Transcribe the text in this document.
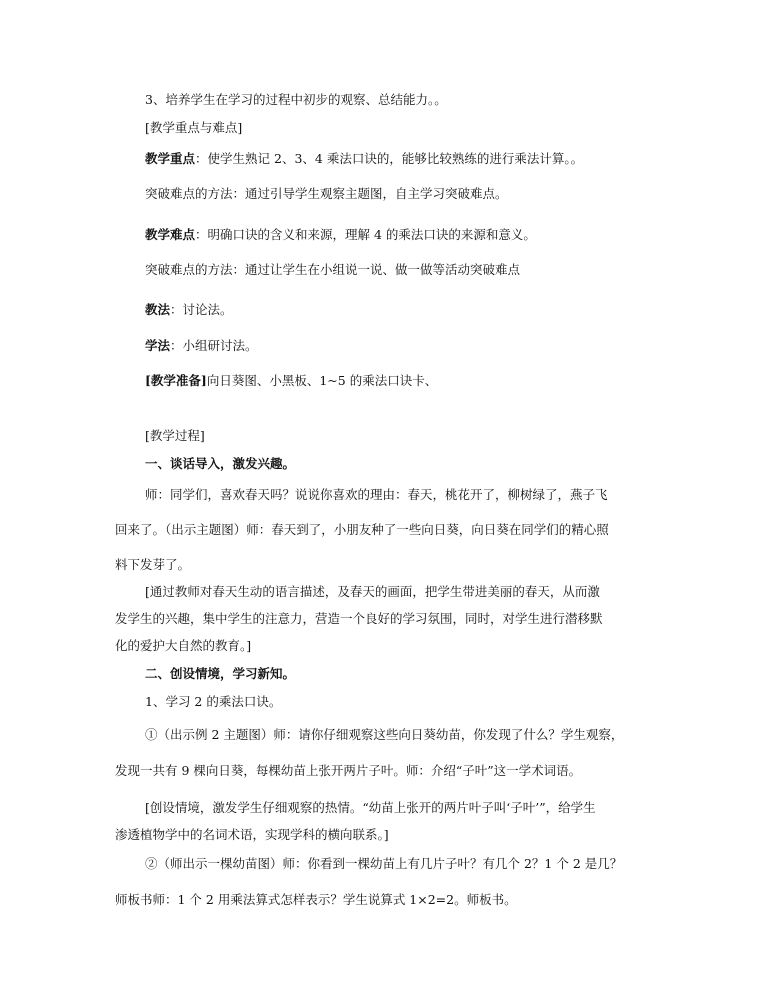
3、培养学生在学习的过程中初步的观察、总结能力。。
[教学重点与难点]
教学重点：使学生熟记 2、3、4 乘法口诀的，能够比较熟练的进行乘法计算。。
突破难点的方法：通过引导学生观察主题图，自主学习突破难点。
教学难点：明确口诀的含义和来源，理解 4 的乘法口诀的来源和意义。
突破难点的方法：通过让学生在小组说一说、做一做等活动突破难点
教法：讨论法。
学法：小组研讨法。
[教学准备]向日葵图、小黑板、1~5 的乘法口诀卡、
[教学过程]
一、谈话导入，激发兴趣。
师：同学们，喜欢春天吗？说说你喜欢的理由：春天，桃花开了，柳树绿了，燕子飞
回来了。（出示主题图）师：春天到了，小朋友种了一些向日葵，向日葵在同学们的精心照
料下发芽了。
[通过教师对春天生动的语言描述，及春天的画面，把学生带进美丽的春天，从而激
发学生的兴趣，集中学生的注意力，营造一个良好的学习氛围，同时，对学生进行潜移默
化的爱护大自然的教育。]
二、创设情境，学习新知。
1、学习 2 的乘法口诀。
①（出示例 2 主题图）师：请你仔细观察这些向日葵幼苗，你发现了什么？学生观察，
发现一共有 9 棵向日葵，每棵幼苗上张开两片子叶。师：介绍“子叶”这一学术词语。
[创设情境，激发学生仔细观察的热情。“幼苗上张开的两片叶子叫‘子叶’”，给学生
渗透植物学中的名词术语，实现学科的横向联系。]
②（师出示一棵幼苗图）师：你看到一棵幼苗上有几片子叶？有几个 2？1 个 2 是几？
师板书师：1 个 2 用乘法算式怎样表示？学生说算式 1×2=2。师板书。
